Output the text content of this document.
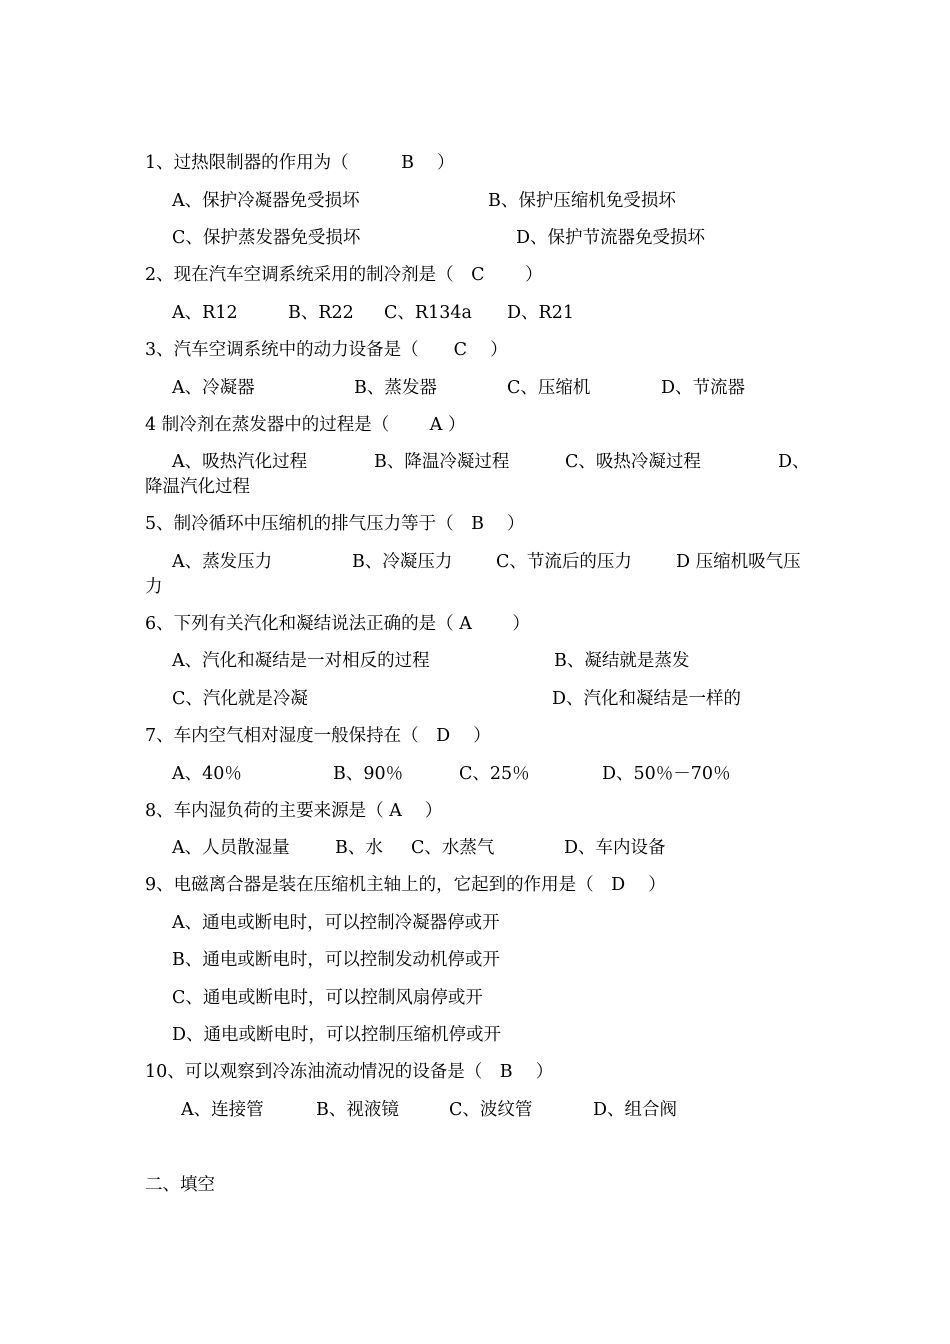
1、过热限制器的作用为（　　　B　 ）
A、保护冷凝器免受损坏	B、保护压缩机免受损坏
C、保护蒸发器免受损坏	D、保护节流器免受损坏
2、现在汽车空调系统采用的制冷剂是（　C　　 ）
A、R12	B、R22 C、R134a D、R21
3、汽车空调系统中的动力设备是（　　C　 ）
A、冷凝器	B、蒸发器	C、压缩机	D、节流器
4 制冷剂在蒸发器中的过程是（　　 A ）
A、吸热汽化过程	B、降温冷凝过程	C、吸热冷凝过程	D、
降温汽化过程
5、制冷循环中压缩机的排气压力等于（　B　 ）
A、蒸发压力	B、冷凝压力 C、节流后的压力	D 压缩机吸气压
力
6、下列有关汽化和凝结说法正确的是（ A　　 ）
A、汽化和凝结是一对相反的过程	B、凝结就是蒸发
C、汽化就是冷凝	D、汽化和凝结是一样的
7、车内空气相对湿度一般保持在（　D　 ）
A、40％	B、90％	C、25％	D、50％－70％
8、车内湿负荷的主要来源是（ A　 ）
A、人员散湿量	B、水 C、水蒸气	D、车内设备
9、电磁离合器是装在压缩机主轴上的，它起到的作用是（　D　 ）
A、通电或断电时，可以控制冷凝器停或开
B、通电或断电时，可以控制发动机停或开
C、通电或断电时，可以控制风扇停或开
D、通电或断电时，可以控制压缩机停或开
10、可以观察到冷冻油流动情况的设备是（　B　 ）
A、连接管	B、视液镜	C、波纹管	D、组合阀
二、填空
